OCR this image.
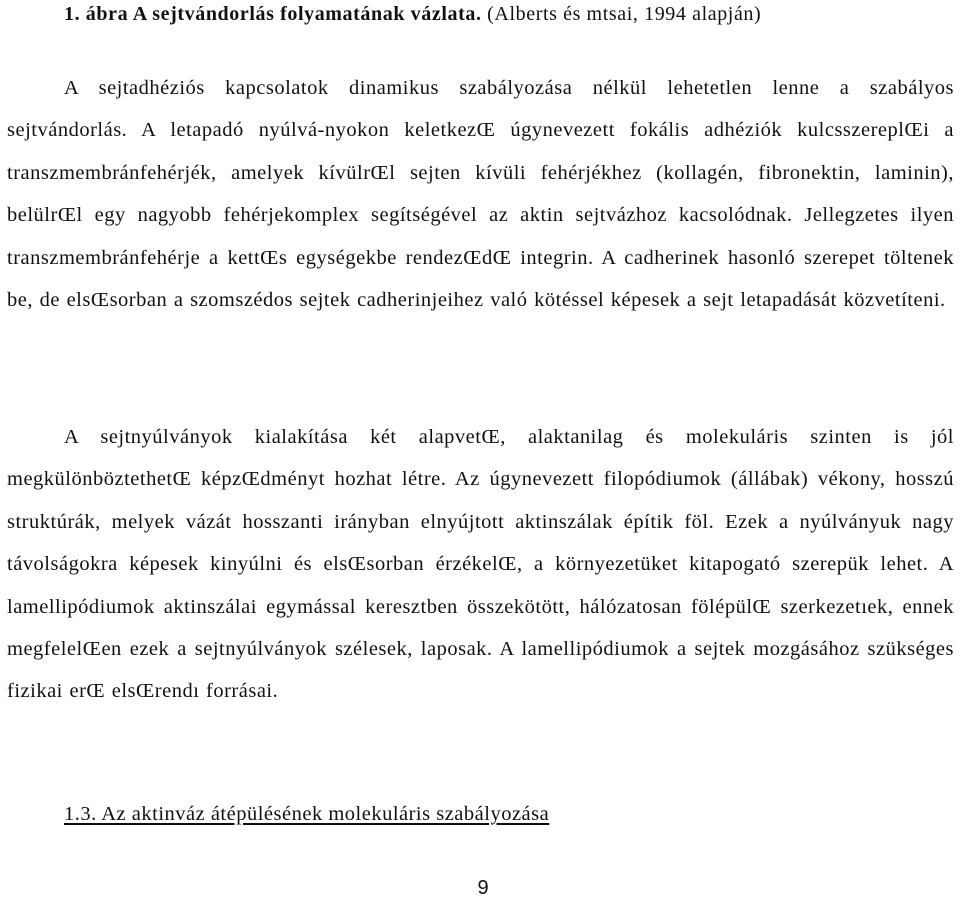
1. ábra A sejtvándorlás folyamatának vázlata. (Alberts és mtsai, 1994 alapján)

A sejtadhéziós kapcsolatok dinamikus szabályozása nélkül lehetetlen lenne a szabályos sejtvándorlás. A letapadó nyúlvá-nyokon keletkezŒ úgynevezett fokális adhéziók kulcsszereplŒi a transzmembránfehérjék, amelyek kívülrŒl sejten kívüli fehérjékhez (kollagén, fibronektin, laminin), belülrŒl egy nagyobb fehérjekomplex segítségével az aktin sejtvázhoz kacsolódnak. Jellegzetes ilyen transzmembránfehérje a kettŒs egységekbe rendezŒdŒ integrin. A cadherinek hasonló szerepet töltenek be, de elsŒsorban a szomszédos sejtek cadherinjeihez való kötéssel képesek a sejt letapadását közvetíteni.

A sejtnyúlványok kialakítása két alapvetŒ, alaktanilag és molekuláris szinten is jól megkülönböztethetŒ képzŒdményt hozhat létre. Az úgynevezett filopódiumok (állábak) vékony, hosszú struktúrák, melyek vázát hosszanti irányban elnyújtott aktinszálak építik föl. Ezek a nyúlványuk nagy távolságokra képesek kinyúlni és elsŒsorban érzékelŒ, a környezetüket kitapogató szerepük lehet. A lamellipódiumok aktinszálai egymással keresztben összekötött, hálózatosan fölépülŒ szerkezetıek, ennek megfelelŒen ezek a sejtnyúlványok szélesek, laposak. A lamellipódiumok a sejtek mozgásához szükséges fizikai erŒ elsŒrendı forrásai.

1.3. Az aktinváz átépülésének molekuláris szabályozása
9
